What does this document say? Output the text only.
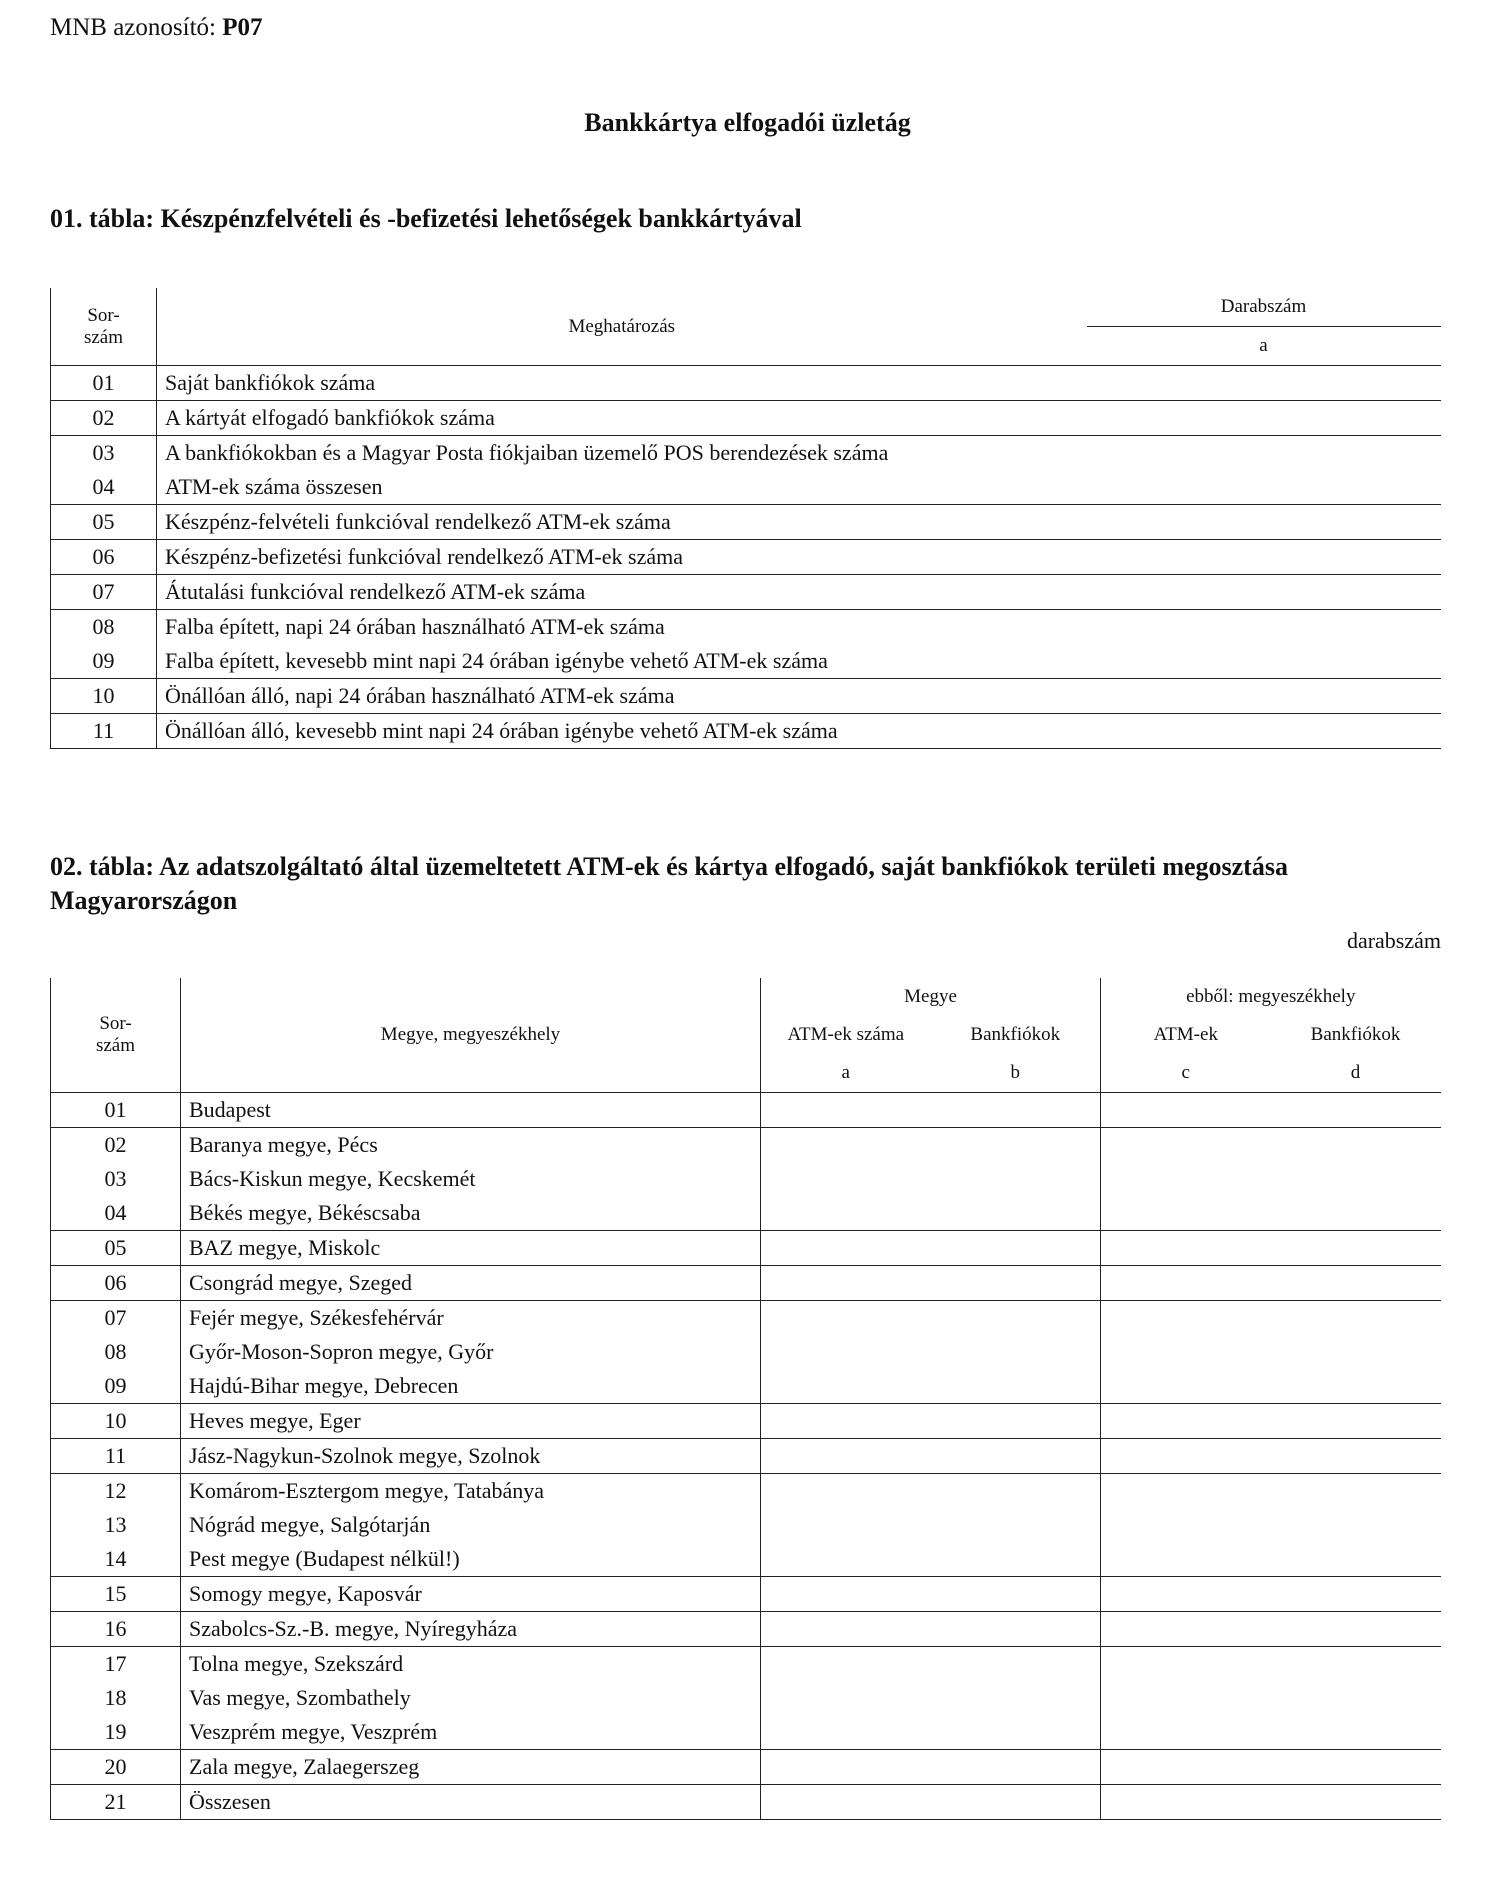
MNB azonosító: P07
Bankkártya elfogadói üzletág
01. tábla: Készpénzfelvételi és -befizetési lehetőségek bankkártyával
Sor-
szám	Meghatározás	Darabszám
		a
01	Saját bankfiókok száma	
02	A kártyát elfogadó bankfiókok száma	
03	A bankfiókokban és a Magyar Posta fiókjaiban üzemelő POS berendezések száma	
04	ATM-ek száma összesen	
05	Készpénz-felvételi funkcióval rendelkező ATM-ek száma	
06	Készpénz-befizetési funkcióval rendelkező ATM-ek száma	
07	Átutalási funkcióval rendelkező ATM-ek száma	
08	Falba épített, napi 24 órában használható ATM-ek száma	
09	Falba épített, kevesebb mint napi 24 órában igénybe vehető ATM-ek száma	
10	Önállóan álló, napi 24 órában használható ATM-ek száma	
11	Önállóan álló, kevesebb mint napi 24 órában igénybe vehető ATM-ek száma	
02. tábla: Az adatszolgáltató által üzemeltetett ATM-ek és kártya elfogadó, saját bankfiókok területi megosztása Magyarországon
darabszám
Sor-
szám	Megye, megyeszékhely	Megye		ebből: megyeszékhely	
		ATM-ek száma	Bankfiókok	ATM-ek	Bankfiókok
		a	b	c	d
01	Budapest				
02	Baranya megye, Pécs				
03	Bács-Kiskun megye, Kecskemét				
04	Békés megye, Békéscsaba				
05	BAZ megye, Miskolc				
06	Csongrád megye, Szeged				
07	Fejér megye, Székesfehérvár				
08	Győr-Moson-Sopron megye, Győr				
09	Hajdú-Bihar megye, Debrecen				
10	Heves megye, Eger				
11	Jász-Nagykun-Szolnok megye, Szolnok				
12	Komárom-Esztergom megye, Tatabánya				
13	Nógrád megye, Salgótarján				
14	Pest megye (Budapest nélkül!)				
15	Somogy megye, Kaposvár				
16	Szabolcs-Sz.-B. megye, Nyíregyháza				
17	Tolna megye, Szekszárd				
18	Vas megye, Szombathely				
19	Veszprém megye, Veszprém				
20	Zala megye, Zalaegerszeg				
21	Összesen				
